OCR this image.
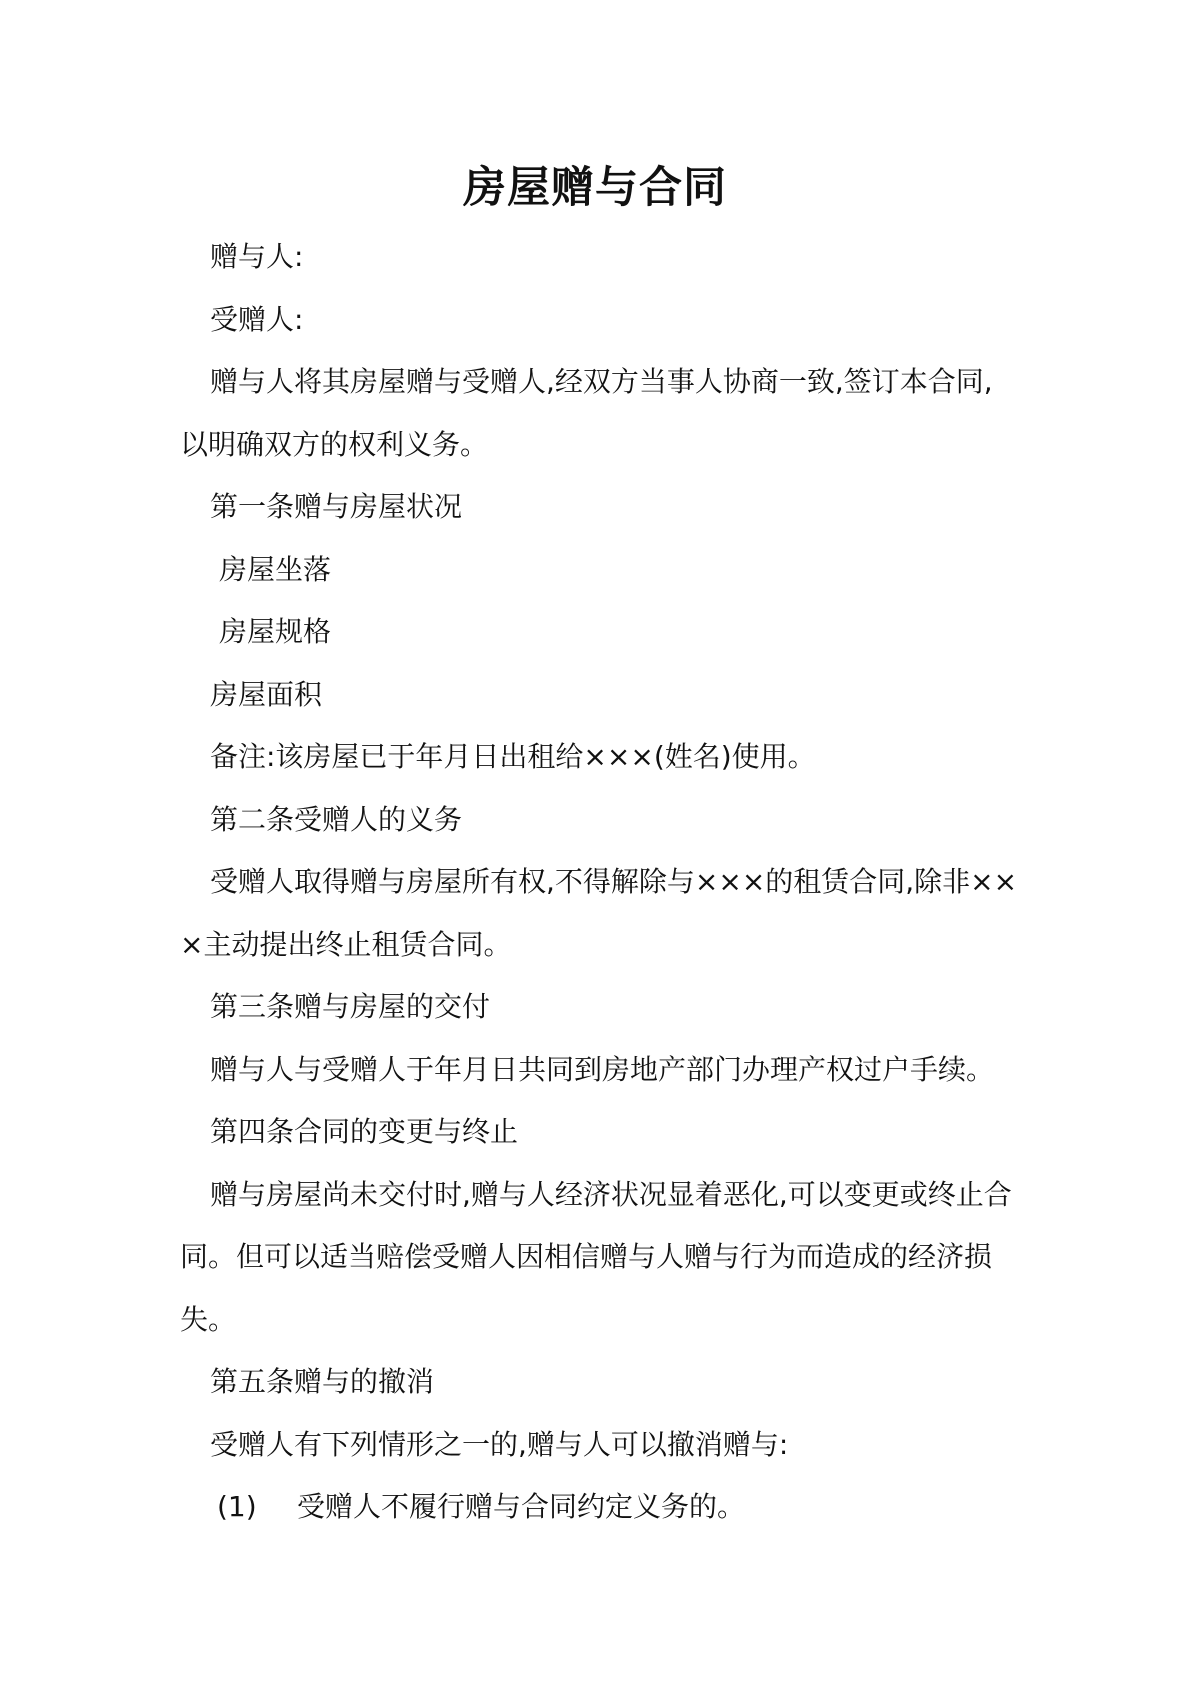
房屋赠与合同

赠与人:

受赠人:

赠与人将其房屋赠与受赠人,经双方当事人协商一致,签订本合同,以明确双方的权利义务。

第一条赠与房屋状况

房屋坐落

房屋规格

房屋面积

备注:该房屋已于年月日出租给×××(姓名)使用。

第二条受赠人的义务

受赠人取得赠与房屋所有权,不得解除与×××的租赁合同,除非×××主动提出终止租赁合同。

第三条赠与房屋的交付

赠与人与受赠人于年月日共同到房地产部门办理产权过户手续。

第四条合同的变更与终止

赠与房屋尚未交付时,赠与人经济状况显着恶化,可以变更或终止合同。但可以适当赔偿受赠人因相信赠与人赠与行为而造成的经济损失。

第五条赠与的撤消

受赠人有下列情形之一的,赠与人可以撤消赠与:

(1) 受赠人不履行赠与合同约定义务的。
